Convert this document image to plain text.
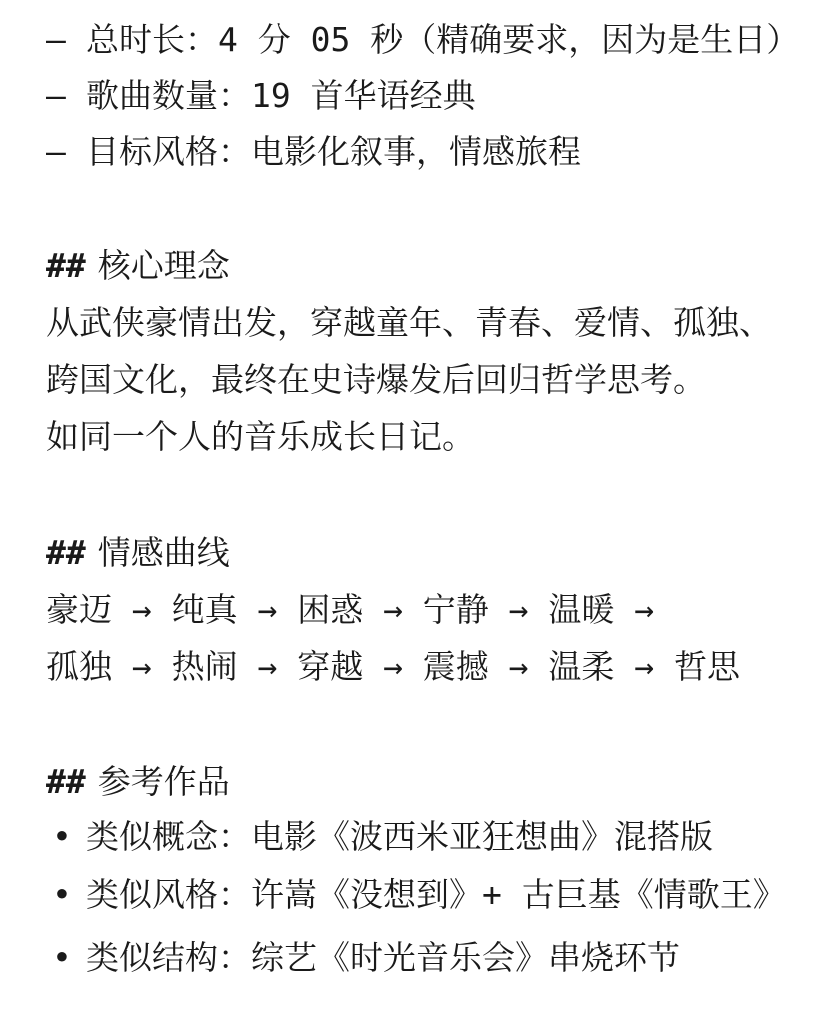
– 总时长：4 分 05 秒（精确要求，因为是生日）
– 歌曲数量：19 首华语经典
– 目标风格：电影化叙事，情感旅程
## 核心理念
从武侠豪情出发，穿越童年、青春、爱情、孤独、
跨国文化，最终在史诗爆发后回归哲学思考。
如同一个人的音乐成长日记。
## 情感曲线
豪迈 → 纯真 → 困惑 → 宁静 → 温暖 →
孤独 → 热闹 → 穿越 → 震撼 → 温柔 → 哲思
## 参考作品
• 类似概念：电影《波西米亚狂想曲》混搭版
• 类似风格：许嵩《没想到》+ 古巨基《情歌王》
• 类似结构：综艺《时光音乐会》串烧环节
